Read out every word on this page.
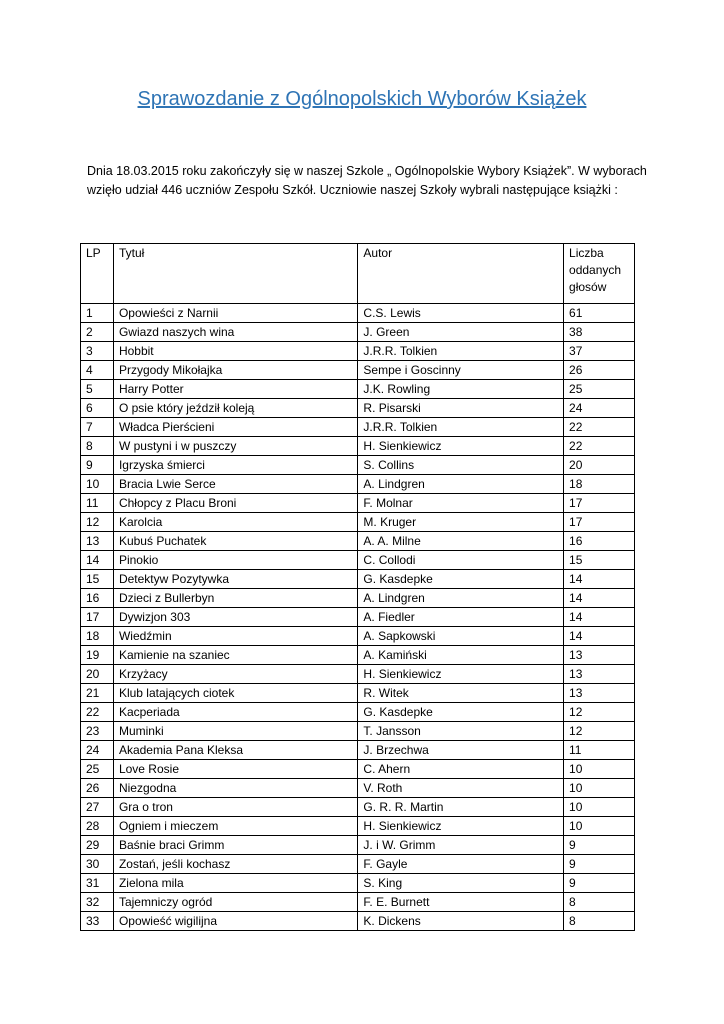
Sprawozdanie z Ogólnopolskich Wyborów Książek

Dnia 18.03.2015 roku zakończyły się w naszej Szkole „ Ogólnopolskie Wybory Książek”. W wyborach

wzięło udział 446 uczniów Zespołu Szkół. Uczniowie naszej Szkoły wybrali następujące książki :

LP	Tytuł	Autor	Liczba
oddanych
głosów

1	Opowieści z Narnii	C.S. Lewis	61
2	Gwiazd naszych wina	J. Green	38
3	Hobbit	J.R.R. Tolkien	37
4	Przygody Mikołajka	Sempe i Goscinny	26
5	Harry Potter	J.K. Rowling	25
6	O psie który jeździł koleją	R. Pisarski	24
7	Władca Pierścieni	J.R.R. Tolkien	22
8	W pustyni i w puszczy	H. Sienkiewicz	22
9	Igrzyska śmierci	S. Collins	20
10	Bracia Lwie Serce	A. Lindgren	18
11	Chłopcy z Placu Broni	F. Molnar	17
12	Karolcia	M. Kruger	17
13	Kubuś Puchatek	A. A. Milne	16
14	Pinokio	C. Collodi	15
15	Detektyw Pozytywka	G. Kasdepke	14
16	Dzieci z Bullerbyn	A. Lindgren	14
17	Dywizjon 303	A. Fiedler	14
18	Wiedźmin	A. Sapkowski	14
19	Kamienie na szaniec	A. Kamiński	13
20	Krzyżacy	H. Sienkiewicz	13
21	Klub latających ciotek	R. Witek	13
22	Kacperiada	G. Kasdepke	12
23	Muminki	T. Jansson	12
24	Akademia Pana Kleksa	J. Brzechwa	11
25	Love Rosie	C. Ahern	10
26	Niezgodna	V. Roth	10
27	Gra o tron	G. R. R. Martin	10
28	Ogniem i mieczem	H. Sienkiewicz	10
29	Baśnie braci Grimm	J. i W. Grimm	9
30	Zostań, jeśli kochasz	F. Gayle	9
31	Zielona mila	S. King	9
32	Tajemniczy ogród	F. E. Burnett	8
33	Opowieść wigilijna	K. Dickens	8
